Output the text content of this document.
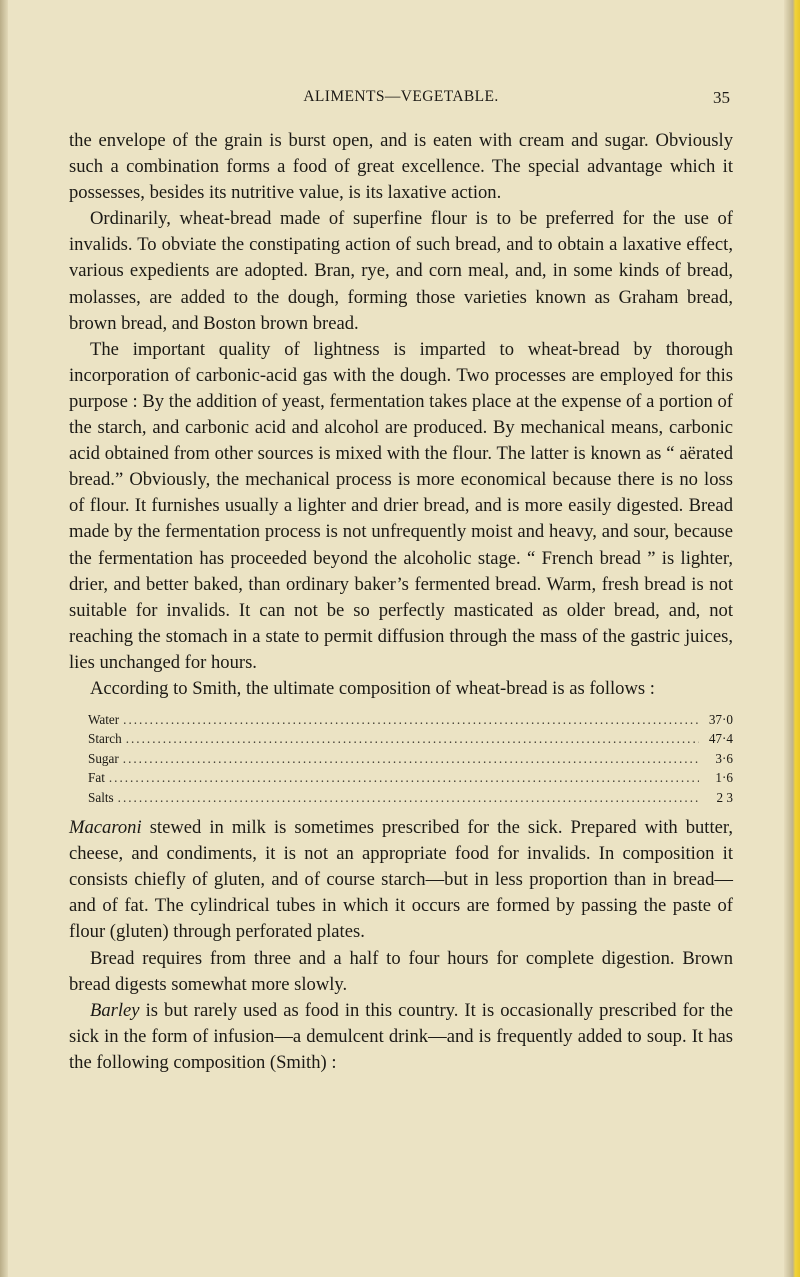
ALIMENTS—VEGETABLE.	35

the envelope of the grain is burst open, and is eaten with cream and sugar. Obviously such a combination forms a food of great excellence. The special advantage which it possesses, besides its nutritive value, is its laxative action.

Ordinarily, wheat-bread made of superfine flour is to be preferred for the use of invalids. To obviate the constipating action of such bread, and to obtain a laxative effect, various expedients are adopted. Bran, rye, and corn meal, and, in some kinds of bread, molasses, are added to the dough, forming those varieties known as Graham bread, brown bread, and Boston brown bread.

The important quality of lightness is imparted to wheat-bread by thorough incorporation of carbonic-acid gas with the dough. Two processes are employed for this purpose : By the addition of yeast, fermentation takes place at the expense of a portion of the starch, and carbonic acid and alcohol are produced. By mechanical means, carbonic acid obtained from other sources is mixed with the flour. The latter is known as “ aërated bread.” Obviously, the mechanical process is more economical because there is no loss of flour. It furnishes usually a lighter and drier bread, and is more easily digested. Bread made by the fermentation process is not unfrequently moist and heavy, and sour, because the fermentation has proceeded beyond the alcoholic stage. “ French bread ” is lighter, drier, and better baked, than ordinary baker’s fermented bread. Warm, fresh bread is not suitable for invalids. It can not be so perfectly masticated as older bread, and, not reaching the stomach in a state to permit diffusion through the mass of the gastric juices, lies unchanged for hours.

According to Smith, the ultimate composition of wheat-bread is as follows :

Water .....	37·0
Starch .....	47·4
Sugar .....	3·6
Fat .....	1·6
Salts .....	2 3

Macaroni stewed in milk is sometimes prescribed for the sick. Prepared with butter, cheese, and condiments, it is not an appropriate food for invalids. In composition it consists chiefly of gluten, and of course starch—but in less proportion than in bread—and of fat. The cylindrical tubes in which it occurs are formed by passing the paste of flour (gluten) through perforated plates.

Bread requires from three and a half to four hours for complete digestion. Brown bread digests somewhat more slowly.

Barley is but rarely used as food in this country. It is occasionally prescribed for the sick in the form of infusion—a demulcent drink—and is frequently added to soup. It has the following composition (Smith) :
